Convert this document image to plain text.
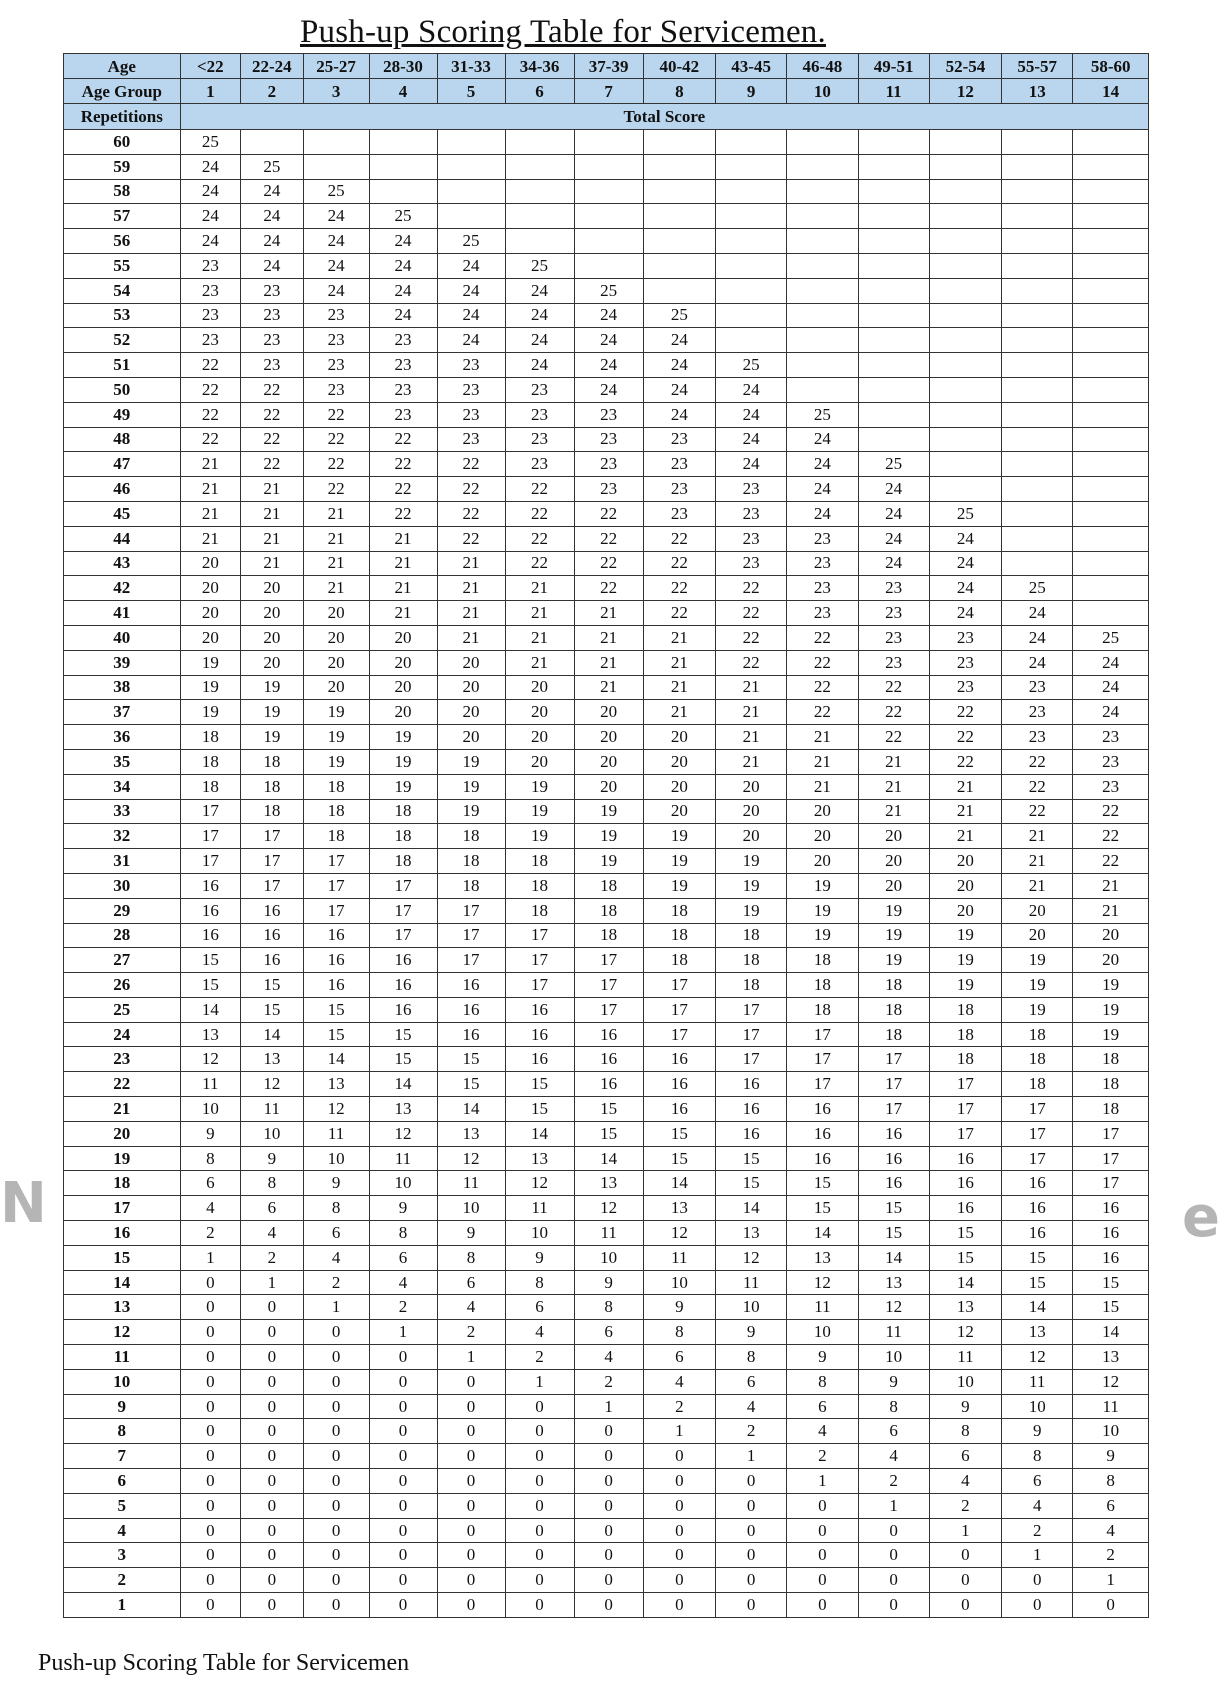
Push-up Scoring Table for Servicemen.
N	e
Age	<22	22-24	25-27	28-30	31-33	34-36	37-39	40-42	43-45	46-48	49-51	52-54	55-57	58-60
Age Group	1	2	3	4	5	6	7	8	9	10	11	12	13	14
Repetitions	Total Score													
60	25													
59	24	25												
58	24	24	25											
57	24	24	24	25										
56	24	24	24	24	25									
55	23	24	24	24	24	25								
54	23	23	24	24	24	24	25							
53	23	23	23	24	24	24	24	25						
52	23	23	23	23	24	24	24	24						
51	22	23	23	23	23	24	24	24	25					
50	22	22	23	23	23	23	24	24	24					
49	22	22	22	23	23	23	23	24	24	25				
48	22	22	22	22	23	23	23	23	24	24				
47	21	22	22	22	22	23	23	23	24	24	25			
46	21	21	22	22	22	22	23	23	23	24	24			
45	21	21	21	22	22	22	22	23	23	24	24	25		
44	21	21	21	21	22	22	22	22	23	23	24	24		
43	20	21	21	21	21	22	22	22	23	23	24	24		
42	20	20	21	21	21	21	22	22	22	23	23	24	25	
41	20	20	20	21	21	21	21	22	22	23	23	24	24	
40	20	20	20	20	21	21	21	21	22	22	23	23	24	25
39	19	20	20	20	20	21	21	21	22	22	23	23	24	24
38	19	19	20	20	20	20	21	21	21	22	22	23	23	24
37	19	19	19	20	20	20	20	21	21	22	22	22	23	24
36	18	19	19	19	20	20	20	20	21	21	22	22	23	23
35	18	18	19	19	19	20	20	20	21	21	21	22	22	23
34	18	18	18	19	19	19	20	20	20	21	21	21	22	23
33	17	18	18	18	19	19	19	20	20	20	21	21	22	22
32	17	17	18	18	18	19	19	19	20	20	20	21	21	22
31	17	17	17	18	18	18	19	19	19	20	20	20	21	22
30	16	17	17	17	18	18	18	19	19	19	20	20	21	21
29	16	16	17	17	17	18	18	18	19	19	19	20	20	21
28	16	16	16	17	17	17	18	18	18	19	19	19	20	20
27	15	16	16	16	17	17	17	18	18	18	19	19	19	20
26	15	15	16	16	16	17	17	17	18	18	18	19	19	19
25	14	15	15	16	16	16	17	17	17	18	18	18	19	19
24	13	14	15	15	16	16	16	17	17	17	18	18	18	19
23	12	13	14	15	15	16	16	16	17	17	17	18	18	18
22	11	12	13	14	15	15	16	16	16	17	17	17	18	18
21	10	11	12	13	14	15	15	16	16	16	17	17	17	18
20	9	10	11	12	13	14	15	15	16	16	16	17	17	17
19	8	9	10	11	12	13	14	15	15	16	16	16	17	17
18	6	8	9	10	11	12	13	14	15	15	16	16	16	17
17	4	6	8	9	10	11	12	13	14	15	15	16	16	16
16	2	4	6	8	9	10	11	12	13	14	15	15	16	16
15	1	2	4	6	8	9	10	11	12	13	14	15	15	16
14	0	1	2	4	6	8	9	10	11	12	13	14	15	15
13	0	0	1	2	4	6	8	9	10	11	12	13	14	15
12	0	0	0	1	2	4	6	8	9	10	11	12	13	14
11	0	0	0	0	1	2	4	6	8	9	10	11	12	13
10	0	0	0	0	0	1	2	4	6	8	9	10	11	12
9	0	0	0	0	0	0	1	2	4	6	8	9	10	11
8	0	0	0	0	0	0	0	1	2	4	6	8	9	10
7	0	0	0	0	0	0	0	0	1	2	4	6	8	9
6	0	0	0	0	0	0	0	0	0	1	2	4	6	8
5	0	0	0	0	0	0	0	0	0	0	1	2	4	6
4	0	0	0	0	0	0	0	0	0	0	0	1	2	4
3	0	0	0	0	0	0	0	0	0	0	0	0	1	2
2	0	0	0	0	0	0	0	0	0	0	0	0	0	1
1	0	0	0	0	0	0	0	0	0	0	0	0	0	0

Push-up Scoring Table for Servicemen
